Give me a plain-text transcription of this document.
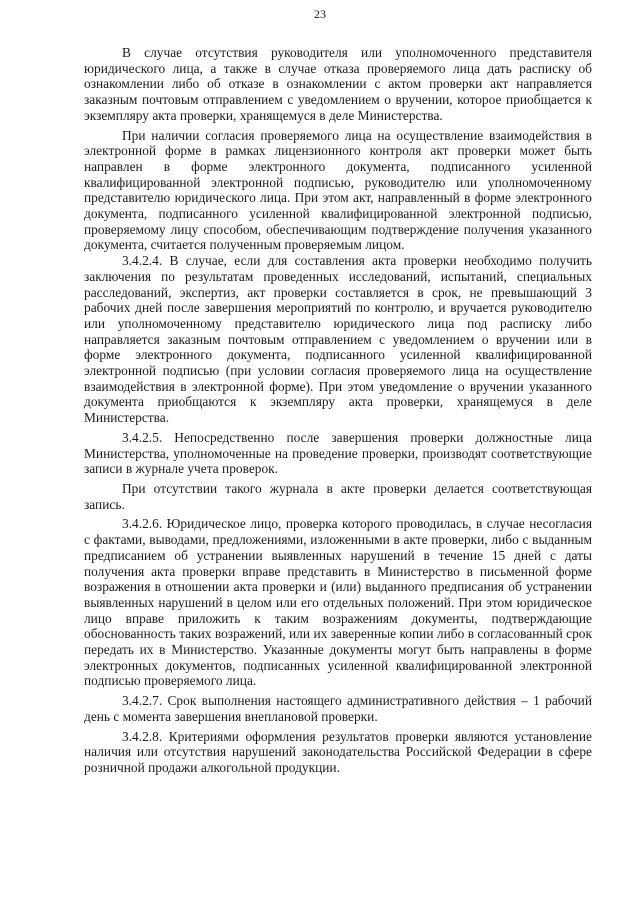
23

В случае отсутствия руководителя или уполномоченного представителя юридического лица, а также в случае отказа проверяемого лица дать расписку об ознакомлении либо об отказе в ознакомлении с актом проверки акт направляется заказным почтовым отправлением с уведомлением о вручении, которое приобщается к экземпляру акта проверки, хранящемуся в деле Министерства.

При наличии согласия проверяемого лица на осуществление взаимодействия в электронной форме в рамках лицензионного контроля акт проверки может быть направлен в форме электронного документа, подписанного усиленной квалифицированной электронной подписью, руководителю или уполномоченному представителю юридического лица. При этом акт, направленный в форме электронного документа, подписанного усиленной квалифицированной электронной подписью, проверяемому лицу способом, обеспечивающим подтверждение получения указанного документа, считается полученным проверяемым лицом.

3.4.2.4. В случае, если для составления акта проверки необходимо получить заключения по результатам проведенных исследований, испытаний, специальных расследований, экспертиз, акт проверки составляется в срок, не превышающий 3 рабочих дней после завершения мероприятий по контролю, и вручается руководителю или уполномоченному представителю юридического лица под расписку либо направляется заказным почтовым отправлением с уведомлением о вручении или в форме электронного документа, подписанного усиленной квалифицированной электронной подписью (при условии согласия проверяемого лица на осуществление взаимодействия в электронной форме). При этом уведомление о вручении указанного документа приобщаются к экземпляру акта проверки, хранящемуся в деле Министерства.

3.4.2.5. Непосредственно после завершения проверки должностные лица Министерства, уполномоченные на проведение проверки, производят соответствующие записи в журнале учета проверок.

При отсутствии такого журнала в акте проверки делается соответствующая запись.

3.4.2.6. Юридическое лицо, проверка которого проводилась, в случае несогласия с фактами, выводами, предложениями, изложенными в акте проверки, либо с выданным предписанием об устранении выявленных нарушений в течение 15 дней с даты получения акта проверки вправе представить в Министерство в письменной форме возражения в отношении акта проверки и (или) выданного предписания об устранении выявленных нарушений в целом или его отдельных положений. При этом юридическое лицо вправе приложить к таким возражениям документы, подтверждающие обоснованность таких возражений, или их заверенные копии либо в согласованный срок передать их в Министерство. Указанные документы могут быть направлены в форме электронных документов, подписанных усиленной квалифицированной электронной подписью проверяемого лица.

3.4.2.7. Срок выполнения настоящего административного действия – 1 рабочий день с момента завершения внеплановой проверки.

3.4.2.8. Критериями оформления результатов проверки являются установление наличия или отсутствия нарушений законодательства Российской Федерации в сфере розничной продажи алкогольной продукции.
